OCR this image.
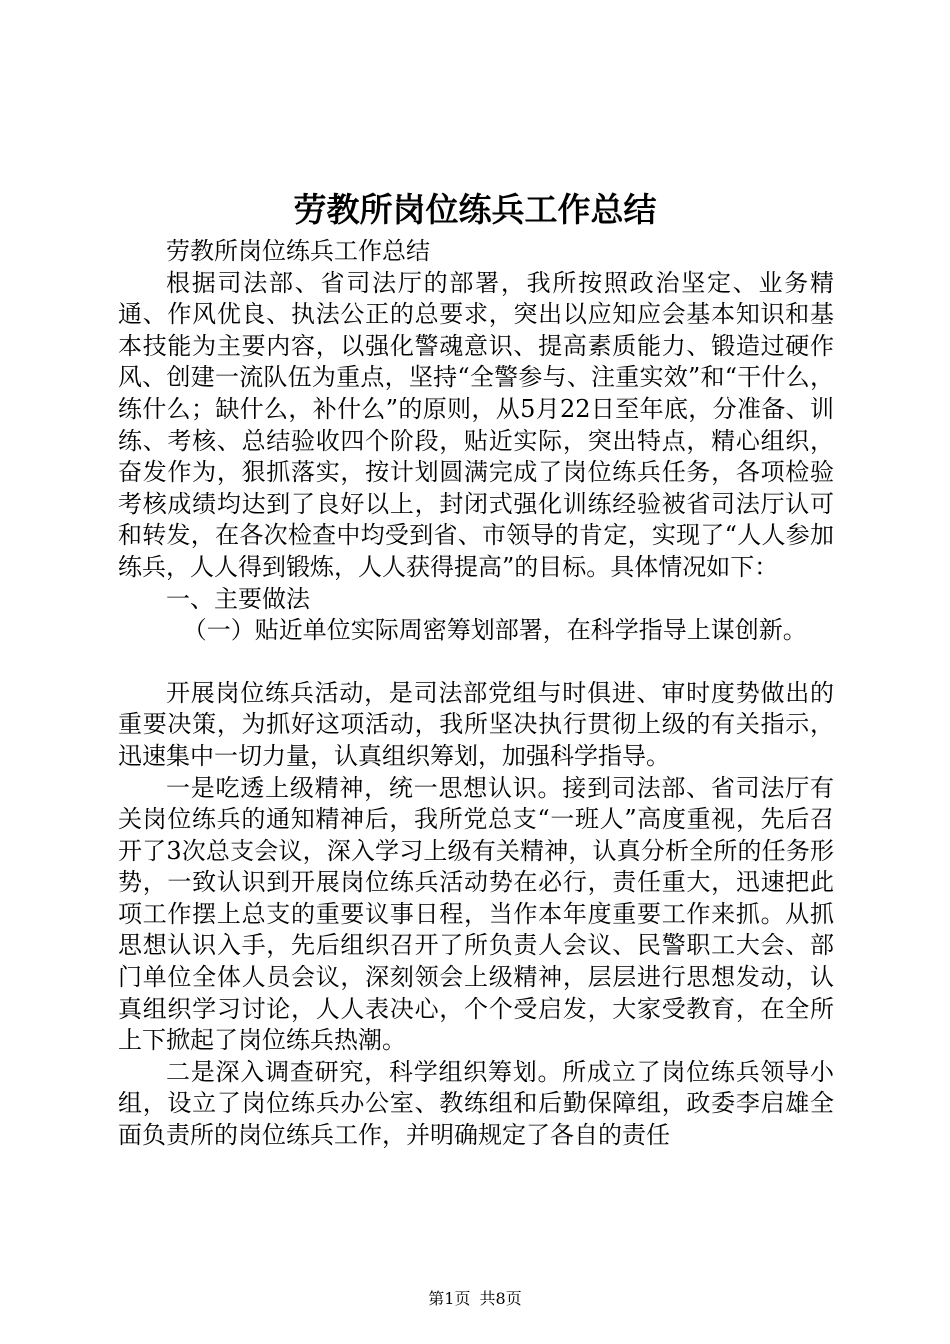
劳教所岗位练兵工作总结

劳教所岗位练兵工作总结

根据司法部、省司法厅的部署，我所按照政治坚定、业务精通、作风优良、执法公正的总要求，突出以应知应会基本知识和基本技能为主要内容，以强化警魂意识、提高素质能力、锻造过硬作风、创建一流队伍为重点，坚持“全警参与、注重实效”和“干什么，练什么；缺什么，补什么”的原则，从5月22日至年底，分准备、训练、考核、总结验收四个阶段，贴近实际，突出特点，精心组织，奋发作为，狠抓落实，按计划圆满完成了岗位练兵任务，各项检验考核成绩均达到了良好以上，封闭式强化训练经验被省司法厅认可和转发，在各次检查中均受到省、市领导的肯定，实现了“人人参加练兵，人人得到锻炼，人人获得提高”的目标。具体情况如下：

一、主要做法

（一）贴近单位实际周密筹划部署，在科学指导上谋创新。

开展岗位练兵活动，是司法部党组与时俱进、审时度势做出的重要决策，为抓好这项活动，我所坚决执行贯彻上级的有关指示，迅速集中一切力量，认真组织筹划，加强科学指导。

一是吃透上级精神，统一思想认识。接到司法部、省司法厅有关岗位练兵的通知精神后，我所党总支“一班人”高度重视，先后召开了3次总支会议，深入学习上级有关精神，认真分析全所的任务形势，一致认识到开展岗位练兵活动势在必行，责任重大，迅速把此项工作摆上总支的重要议事日程，当作本年度重要工作来抓。从抓思想认识入手，先后组织召开了所负责人会议、民警职工大会、部门单位全体人员会议，深刻领会上级精神，层层进行思想发动，认真组织学习讨论，人人表决心，个个受启发，大家受教育，在全所上下掀起了岗位练兵热潮。

二是深入调查研究，科学组织筹划。所成立了岗位练兵领导小组，设立了岗位练兵办公室、教练组和后勤保障组，政委李启雄全面负责所的岗位练兵工作，并明确规定了各自的责任

第1页 共8页
